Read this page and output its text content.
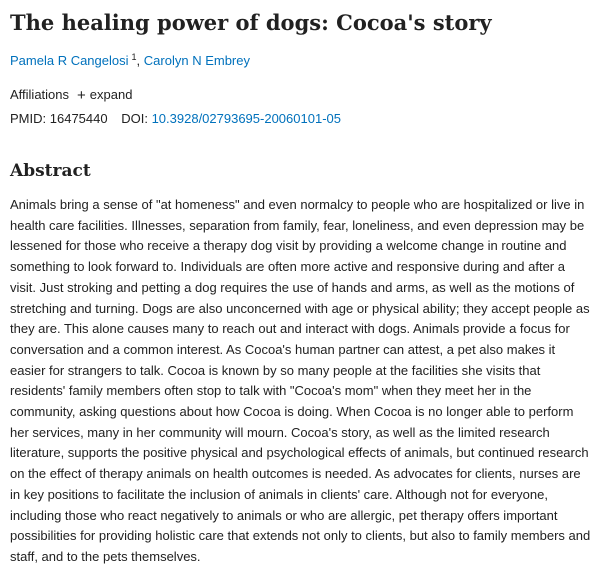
The healing power of dogs: Cocoa's story
Pamela R Cangelosi $^1$, Carolyn N Embrey
Affiliations + expand
PMID: 16475440 DOI: 10.3928/02793695-20060101-05
Abstract
Animals bring a sense of "at homeness" and even normalcy to people who are hospitalized or live in health care facilities. Illnesses, separation from family, fear, loneliness, and even depression may be lessened for those who receive a therapy dog visit by providing a welcome change in routine and something to look forward to. Individuals are often more active and responsive during and after a visit. Just stroking and petting a dog requires the use of hands and arms, as well as the motions of stretching and turning. Dogs are also unconcerned with age or physical ability; they accept people as they are. This alone causes many to reach out and interact with dogs. Animals provide a focus for conversation and a common interest. As Cocoa's human partner can attest, a pet also makes it easier for strangers to talk. Cocoa is known by so many people at the facilities she visits that residents' family members often stop to talk with "Cocoa's mom" when they meet her in the community, asking questions about how Cocoa is doing. When Cocoa is no longer able to perform her services, many in her community will mourn. Cocoa's story, as well as the limited research literature, supports the positive physical and psychological effects of animals, but continued research on the effect of therapy animals on health outcomes is needed. As advocates for clients, nurses are in key positions to facilitate the inclusion of animals in clients' care. Although not for everyone, including those who react negatively to animals or who are allergic, pet therapy offers important possibilities for providing holistic care that extends not only to clients, but also to family members and staff, and to the pets themselves.
